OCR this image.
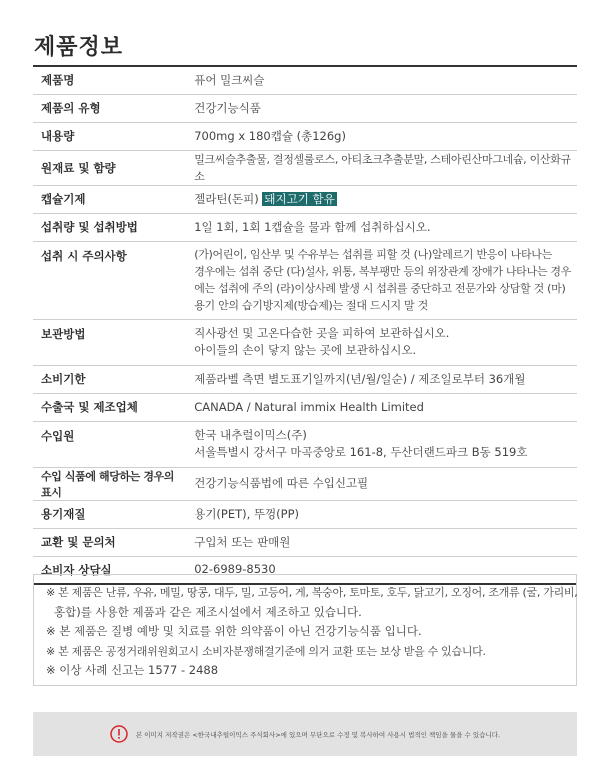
제품정보
제품명	퓨어 밀크씨슬
제품의 유형	건강기능식품
내용량	700mg x 180캡슐 (총126g)
원재료 및 함량	밀크씨슬추출물, 결정셀룰로스, 아티초크추출분말, 스테아린산마그네슘, 이산화규소
캡슐기제	젤라틴(돈피) 돼지고기 함유
섭취량 및 섭취방법	1일 1회, 1회 1캡슐을 물과 함께 섭취하십시오.
섭취 시 주의사항	(가)어린이, 임산부 및 수유부는 섭취를 피할 것 (나)알레르기 반응이 나타나는
경우에는 섭취 중단 (다)설사, 위통, 복부팽만 등의 위장관계 장애가 나타나는 경우
에는 섭취에 주의 (라)이상사례 발생 시 섭취를 중단하고 전문가와 상담할 것 (마)
용기 안의 습기방지제(방습제)는 절대 드시지 말 것

보관방법	직사광선 및 고온다습한 곳을 피하여 보관하십시오.
아이들의 손이 닿지 않는 곳에 보관하십시오.

소비기한	제품라벨 측면 별도표기일까지(년/월/일순) / 제조일로부터 36개월
수출국 및 제조업체	CANADA / Natural immix Health Limited
수입원	한국 내추럴이믹스(주)
서울특별시 강서구 마곡중앙로 161-8, 두산더랜드파크 B동 519호

수입 식품에 해당하는 경우의 표시	건강기능식품법에 따른 수입신고필
용기재질	용기(PET), 뚜껑(PP)
교환 및 문의처	구입처 또는 판매원
소비자 상담실	02-6989-8530

※ 본 제품은 난류, 우유, 메밀, 땅콩, 대두, 밀, 고등어, 게, 복숭아, 토마토, 호두, 닭고기, 오징어, 조개류 (굴, 가리비,

홍합)를 사용한 제품과 같은 제조시설에서 제조하고 있습니다.

※ 본 제품은 질병 예방 및 치료를 위한 의약품이 아닌 건강기능식품 입니다.

※ 본 제품은 공정거래위원회고시 소비자분쟁해결기준에 의거 교환 또는 보상 받을 수 있습니다.

※ 이상 사례 신고는 1577 - 2488

본 이미지 저작권은 <한국내추럴이믹스 주식회사>에 있으며 무단으로 수정 및 복사하여 사용시 법적인 책임을 물을 수 있습니다.
